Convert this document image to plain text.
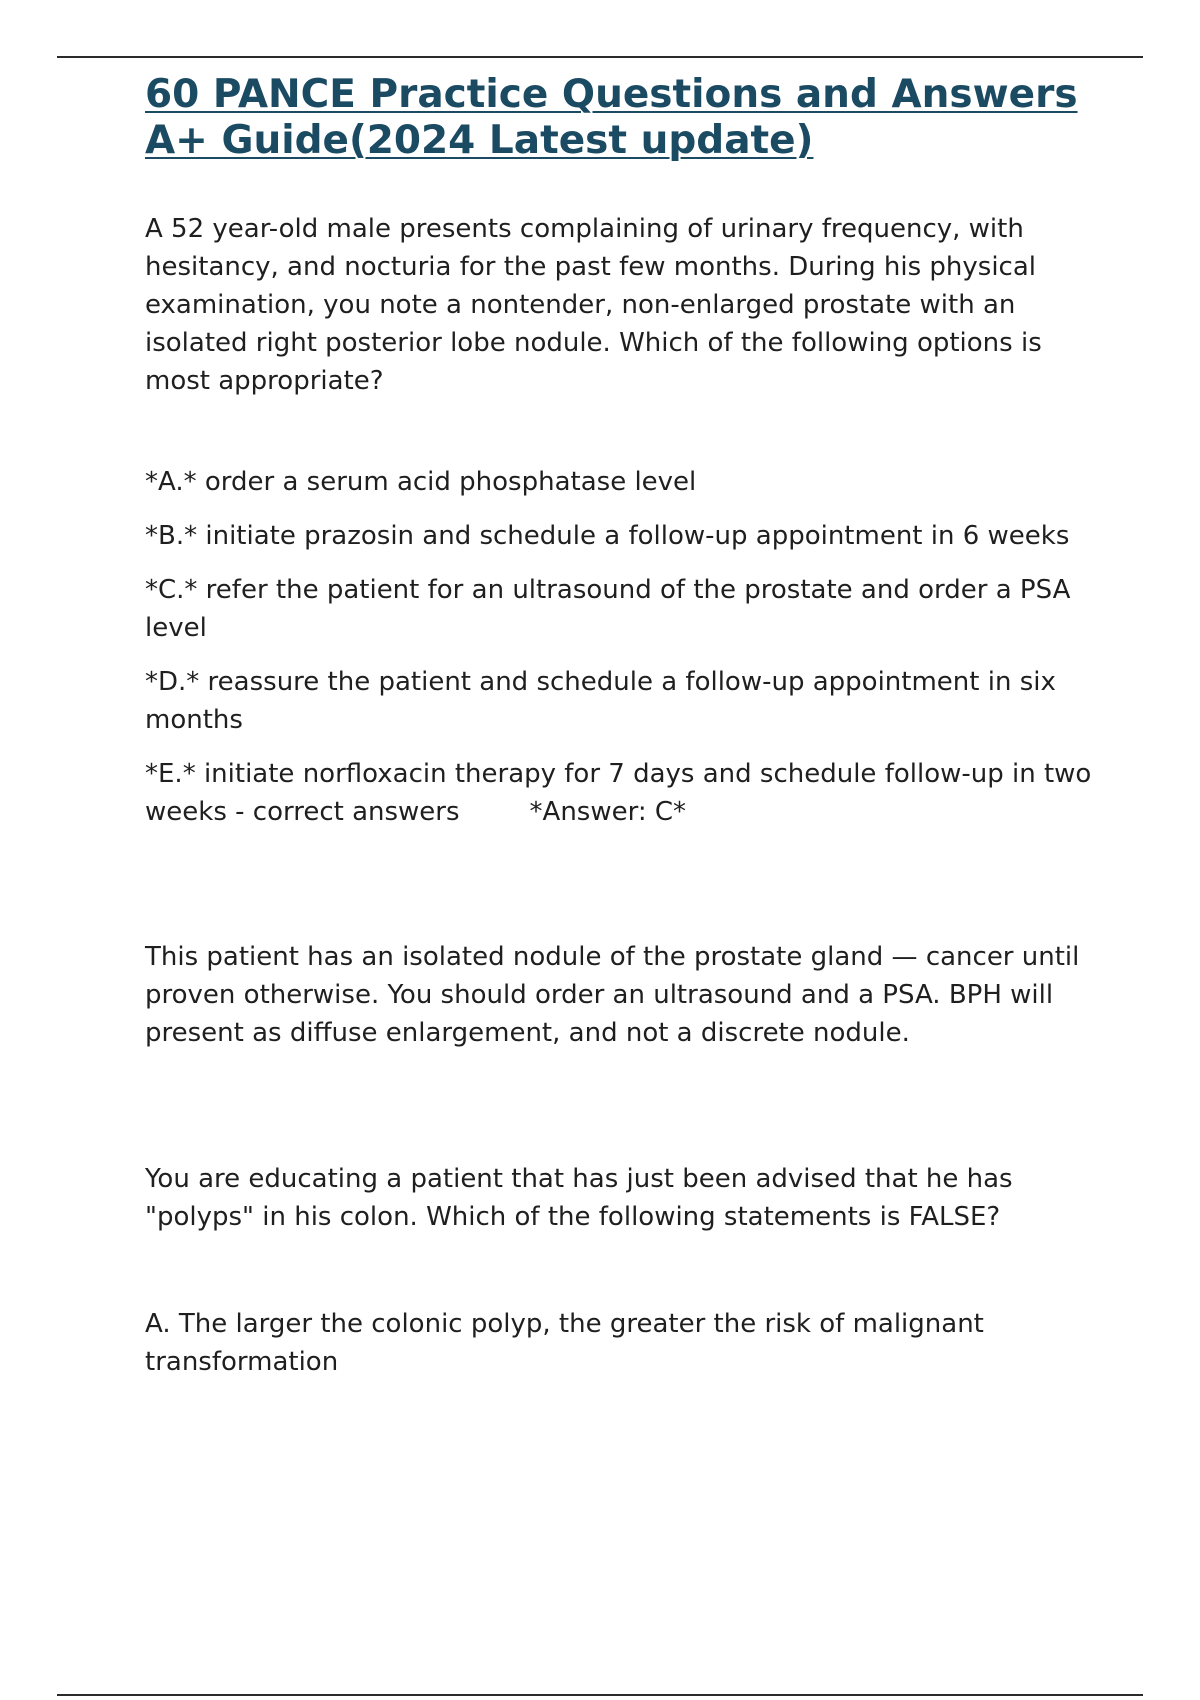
60 PANCE Practice Questions and Answers A+ Guide(2024 Latest update)

A 52 year-old male presents complaining of urinary frequency, with hesitancy, and nocturia for the past few months. During his physical examination, you note a nontender, non-enlarged prostate with an isolated right posterior lobe nodule. Which of the following options is most appropriate?

*A.* order a serum acid phosphatase level

*B.* initiate prazosin and schedule a follow-up appointment in 6 weeks

*C.* refer the patient for an ultrasound of the prostate and order a PSA level

*D.* reassure the patient and schedule a follow-up appointment in six months

*E.* initiate norfloxacin therapy for 7 days and schedule follow-up in two weeks - correct answers	*Answer: C*

This patient has an isolated nodule of the prostate gland — cancer until proven otherwise. You should order an ultrasound and a PSA. BPH will present as diffuse enlargement, and not a discrete nodule.

You are educating a patient that has just been advised that he has "polyps" in his colon. Which of the following statements is FALSE?

A. The larger the colonic polyp, the greater the risk of malignant transformation
